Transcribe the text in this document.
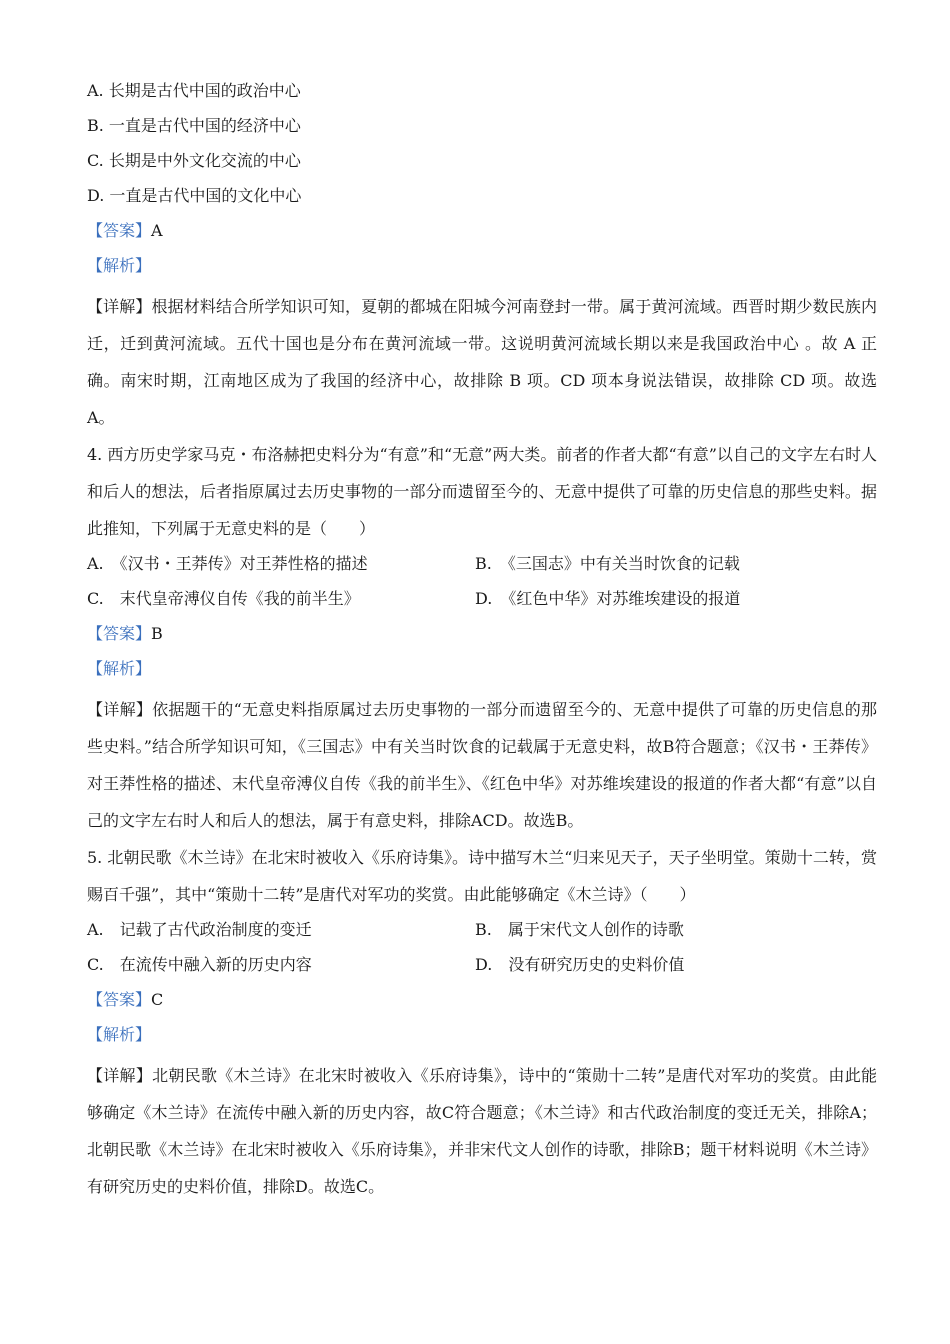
A. 长期是古代中国的政治中心
B. 一直是古代中国的经济中心
C. 长期是中外文化交流的中心
D. 一直是古代中国的文化中心
【答案】A
【解析】
【详解】根据材料结合所学知识可知，夏朝的都城在阳城今河南登封一带。属于黄河流域。西晋时期少数民族内迁，迁到黄河流域。五代十国也是分布在黄河流域一带。这说明黄河流域长期以来是我国政治中心 。故 A 正确。南宋时期，江南地区成为了我国的经济中心，故排除 B 项。CD 项本身说法错误，故排除 CD 项。故选 A。
4. 西方历史学家马克・布洛赫把史料分为“有意”和“无意”两大类。前者的作者大都“有意”以自己的文字左右时人和后人的想法，后者指原属过去历史事物的一部分而遗留至今的、无意中提供了可靠的历史信息的那些史料。据此推知，下列属于无意史料的是（　　）
A.　《汉书・王莽传》对王莽性格的描述	B.　《三国志》中有关当时饮食的记载
C.　末代皇帝溥仪自传《我的前半生》	D.　《红色中华》对苏维埃建设的报道
【答案】B
【解析】
【详解】依据题干的“无意史料指原属过去历史事物的一部分而遗留至今的、无意中提供了可靠的历史信息的那些史料。”结合所学知识可知，《三国志》中有关当时饮食的记载属于无意史料，故B符合题意；《汉书・王莽传》对王莽性格的描述、末代皇帝溥仪自传《我的前半生》、《红色中华》对苏维埃建设的报道的作者大都“有意”以自己的文字左右时人和后人的想法，属于有意史料，排除ACD。故选B。
5. 北朝民歌《木兰诗》在北宋时被收入《乐府诗集》。诗中描写木兰“归来见天子，天子坐明堂。策勋十二转，赏赐百千强”，其中“策勋十二转”是唐代对军功的奖赏。由此能够确定《木兰诗》（　　）
A.　记载了古代政治制度的变迁	B.　属于宋代文人创作的诗歌
C.　在流传中融入新的历史内容	D.　没有研究历史的史料价值
【答案】C
【解析】
【详解】北朝民歌《木兰诗》在北宋时被收入《乐府诗集》，诗中的“策勋十二转”是唐代对军功的奖赏。由此能够确定《木兰诗》在流传中融入新的历史内容，故C符合题意；《木兰诗》和古代政治制度的变迁无关，排除A；北朝民歌《木兰诗》在北宋时被收入《乐府诗集》，并非宋代文人创作的诗歌，排除B；题干材料说明《木兰诗》有研究历史的史料价值，排除D。故选C。
